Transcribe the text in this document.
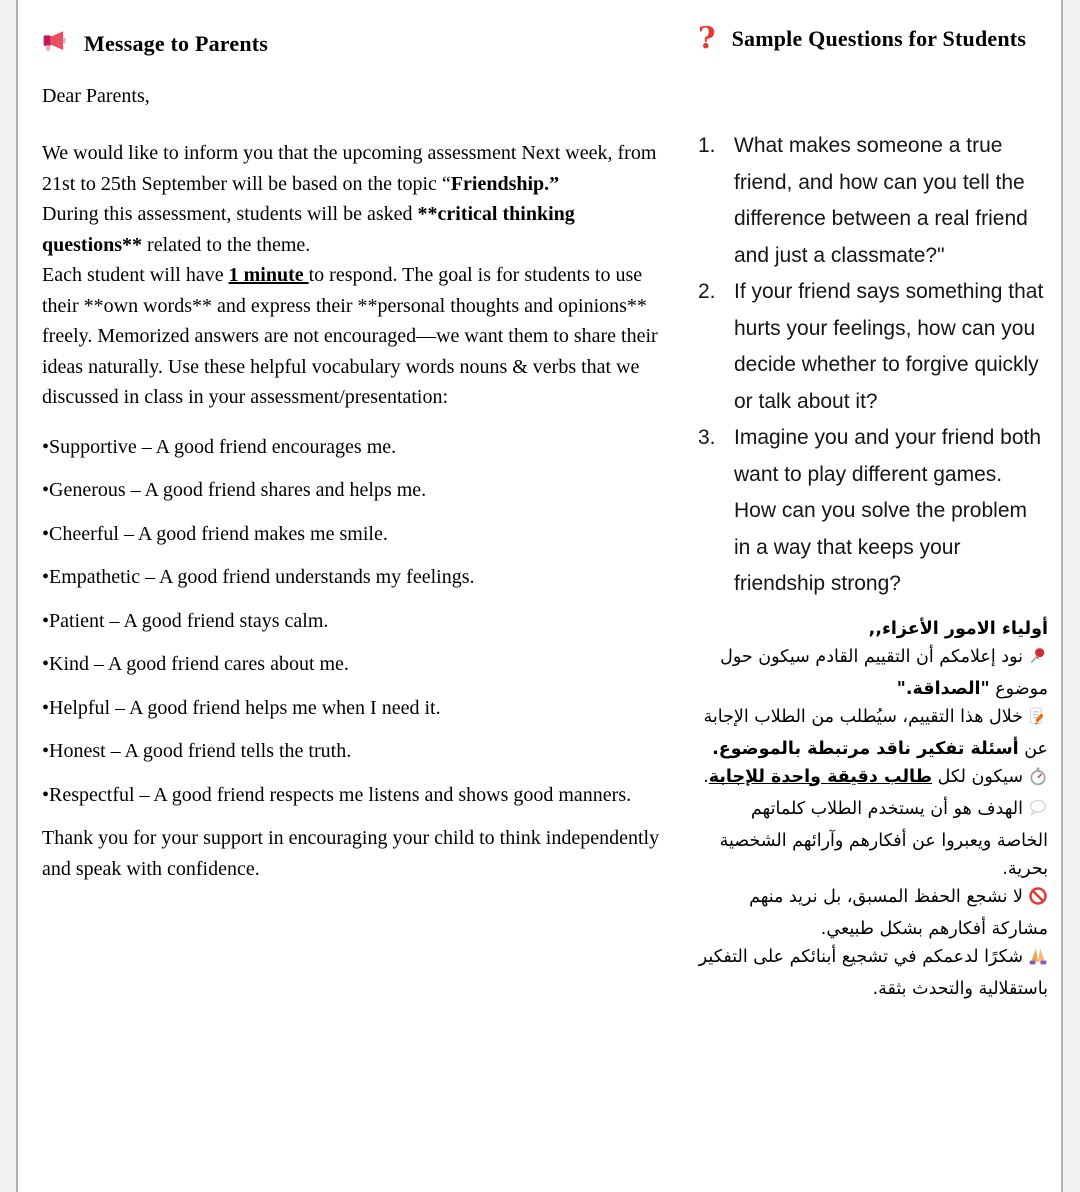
Message to Parents

Dear Parents,

We would like to inform you that the upcoming assessment Next week, from 21st to 25th September will be based on the topic “Friendship.”

During this assessment, students will be asked **critical thinking questions** related to the theme.

Each student will have 1 minute to respond. The goal is for students to use their **own words** and express their **personal thoughts and opinions** freely. Memorized answers are not encouraged—we want them to share their ideas naturally. Use these helpful vocabulary words nouns & verbs that we discussed in class in your assessment/presentation:

•Supportive – A good friend encourages me.
•Generous – A good friend shares and helps me.
•Cheerful – A good friend makes me smile.
•Empathetic – A good friend understands my feelings.
•Patient – A good friend stays calm.
•Kind – A good friend cares about me.
•Helpful – A good friend helps me when I need it.
•Honest – A good friend tells the truth.
•Respectful – A good friend respects me listens and shows good manners.

Thank you for your support in encouraging your child to think independently and speak with confidence.

? Sample Questions for Students
1. What makes someone a true friend, and how can you tell the difference between a real friend and just a classmate?"
2. If your friend says something that hurts your feelings, how can you decide whether to forgive quickly or talk about it?
3. Imagine you and your friend both want to play different games. How can you solve the problem in a way that keeps your friendship strong?

أولياء الامور الأعزاء,,

نود إعلامكم أن التقييم القادم سيكون حول موضوع "الصداقة."

خلال هذا التقييم، سيُطلب من الطلاب الإجابة عن أسئلة تفكير ناقد مرتبطة بالموضوع.

سيكون لكل طالب دقيقة واحدة للإجابة.

الهدف هو أن يستخدم الطلاب كلماتهم الخاصة ويعبروا عن أفكارهم وآرائهم الشخصية بحرية.

لا نشجع الحفظ المسبق، بل نريد منهم مشاركة أفكارهم بشكل طبيعي.

شكرًا لدعمكم في تشجيع أبنائكم على التفكير باستقلالية والتحدث بثقة.
